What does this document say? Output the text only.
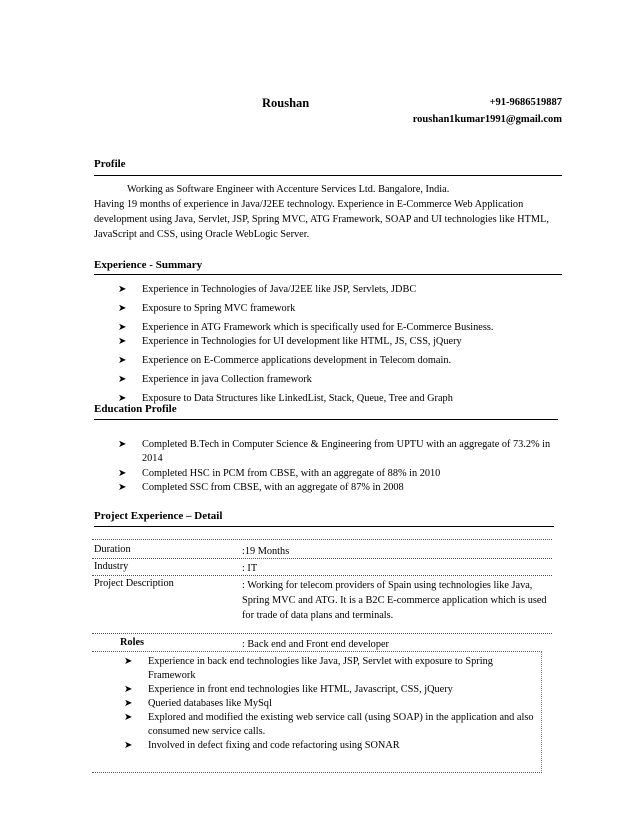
Roushan	+91-9686519887
roushan1kumar1991@gmail.com
Profile
Working as Software Engineer with Accenture Services Ltd. Bangalore, India.
Having 19 months of experience in Java/J2EE technology. Experience in E-Commerce Web Application development using Java, Servlet, JSP, Spring MVC, ATG Framework, SOAP and UI technologies like HTML, JavaScript and CSS, using Oracle WebLogic Server.
Experience - Summary
➤ Experience in Technologies of Java/J2EE like JSP, Servlets, JDBC
➤ Exposure to Spring MVC framework
➤ Experience in ATG Framework which is specifically used for E-Commerce Business.
➤ Experience in Technologies for UI development like HTML, JS, CSS, jQuery
➤ Experience on E-Commerce applications development in Telecom domain.
➤ Experience in java Collection framework
➤ Exposure to Data Structures like LinkedList, Stack, Queue, Tree and Graph
Education Profile
➤ Completed B.Tech in Computer Science & Engineering from UPTU with an aggregate of 73.2% in 2014
➤ Completed HSC in PCM from CBSE, with an aggregate of 88% in 2010
➤ Completed SSC from CBSE, with an aggregate of 87% in 2008
Project Experience – Detail
Duration	:19 Months
Industry	: IT
Project Description	: Working for telecom providers of Spain using technologies like Java, Spring MVC and ATG. It is a B2C E-commerce application which is used for trade of data plans and terminals.
Roles	: Back end and Front end developer
➤ Experience in back end technologies like Java, JSP, Servlet with exposure to Spring Framework
➤ Experience in front end technologies like HTML, Javascript, CSS, jQuery
➤ Queried databases like MySql
➤ Explored and modified the existing web service call (using SOAP) in the application and also consumed new service calls.
➤ Involved in defect fixing and code refactoring using SONAR
